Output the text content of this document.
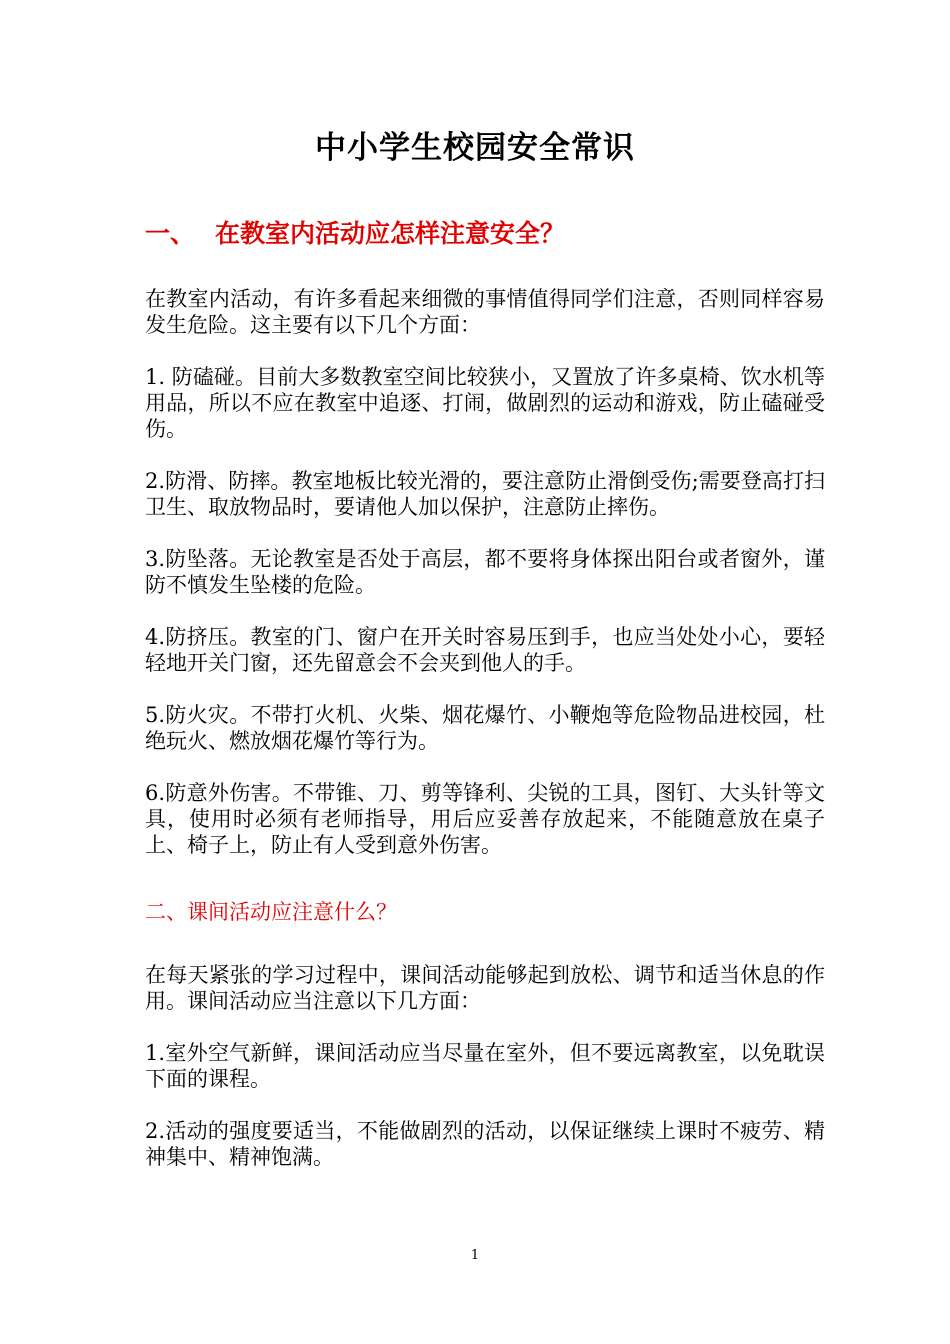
中小学生校园安全常识
一、 在教室内活动应怎样注意安全？
在教室内活动，有许多看起来细微的事情值得同学们注意，否则同样容易发生危险。这主要有以下几个方面：
1. 防磕碰。目前大多数教室空间比较狭小，又置放了许多桌椅、饮水机等用品，所以不应在教室中追逐、打闹，做剧烈的运动和游戏，防止磕碰受伤。
2.防滑、防摔。教室地板比较光滑的，要注意防止滑倒受伤;需要登高打扫卫生、取放物品时，要请他人加以保护，注意防止摔伤。
3.防坠落。无论教室是否处于高层，都不要将身体探出阳台或者窗外，谨防不慎发生坠楼的危险。
4.防挤压。教室的门、窗户在开关时容易压到手，也应当处处小心，要轻轻地开关门窗，还先留意会不会夹到他人的手。
5.防火灾。不带打火机、火柴、烟花爆竹、小鞭炮等危险物品进校园，杜绝玩火、燃放烟花爆竹等行为。
6.防意外伤害。不带锥、刀、剪等锋利、尖锐的工具，图钉、大头针等文具，使用时必须有老师指导，用后应妥善存放起来，不能随意放在桌子上、椅子上，防止有人受到意外伤害。
二、课间活动应注意什么？
在每天紧张的学习过程中，课间活动能够起到放松、调节和适当休息的作用。课间活动应当注意以下几方面：
1.室外空气新鲜，课间活动应当尽量在室外，但不要远离教室，以免耽误下面的课程。
2.活动的强度要适当，不能做剧烈的活动，以保证继续上课时不疲劳、精神集中、精神饱满。
1
